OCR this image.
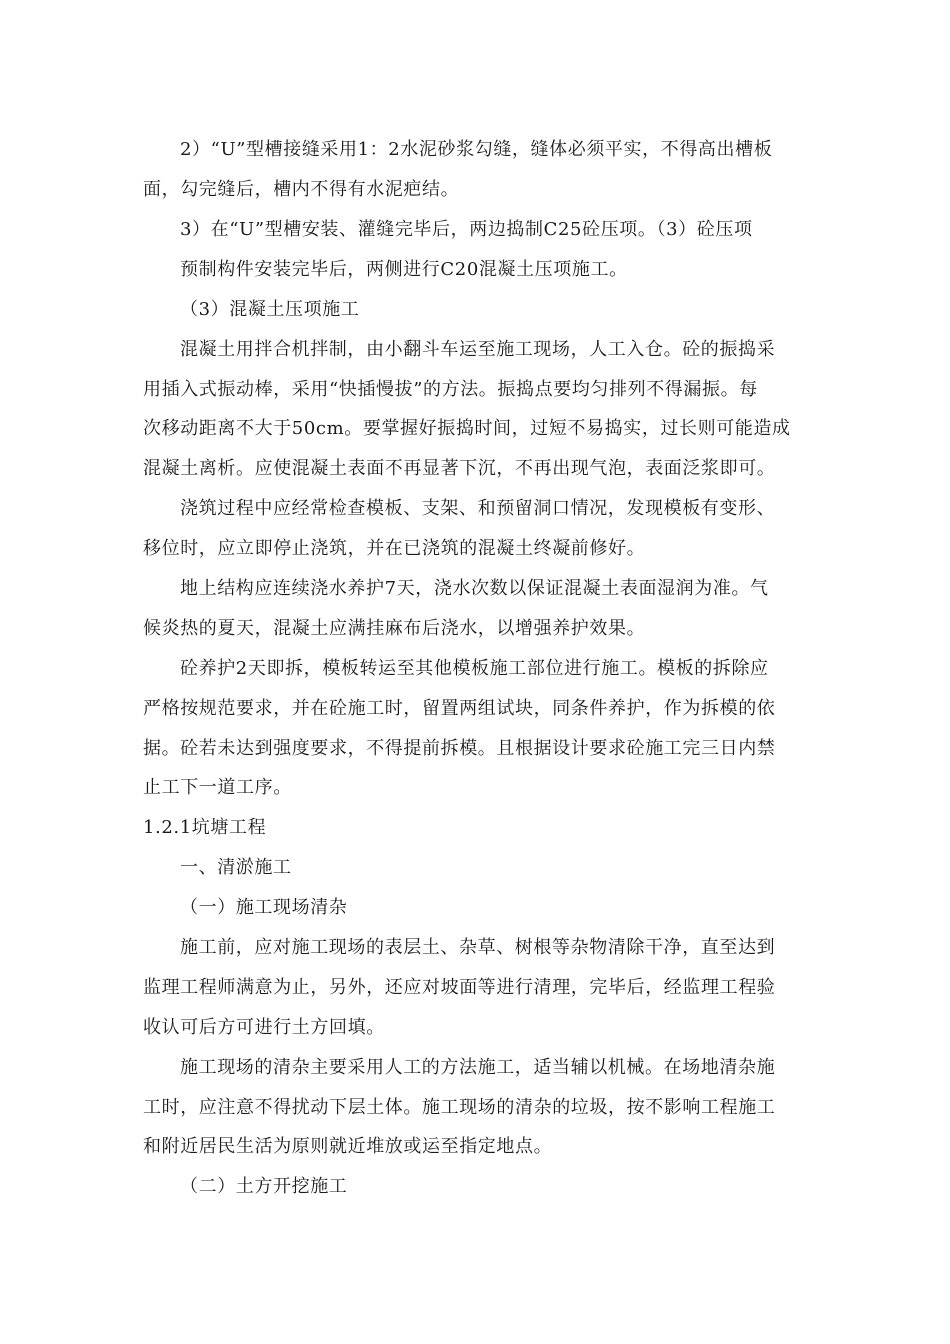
2）“U”型槽接缝采用1：2水泥砂浆勾缝，缝体必须平实，不得高出槽板
面，勾完缝后，槽内不得有水泥疤结。
3）在“U”型槽安装、灌缝完毕后，两边捣制C25砼压项。（3）砼压项
预制构件安装完毕后，两侧进行C20混凝土压项施工。
（3）混凝土压项施工
混凝土用拌合机拌制，由小翻斗车运至施工现场，人工入仓。砼的振捣采
用插入式振动棒，采用“快插慢拔”的方法。振捣点要均匀排列不得漏振。每
次移动距离不大于50cm。要掌握好振捣时间，过短不易捣实，过长则可能造成
混凝土离析。应使混凝土表面不再显著下沉，不再出现气泡，表面泛浆即可。
浇筑过程中应经常检查模板、支架、和预留洞口情况，发现模板有变形、
移位时，应立即停止浇筑，并在已浇筑的混凝土终凝前修好。
地上结构应连续浇水养护7天，浇水次数以保证混凝土表面湿润为准。气
候炎热的夏天，混凝土应满挂麻布后浇水，以增强养护效果。
砼养护2天即拆，模板转运至其他模板施工部位进行施工。模板的拆除应
严格按规范要求，并在砼施工时，留置两组试块，同条件养护，作为拆模的依
据。砼若未达到强度要求，不得提前拆模。且根据设计要求砼施工完三日内禁
止工下一道工序。
1.2.1坑塘工程
一、清淤施工
（一）施工现场清杂
施工前，应对施工现场的表层土、杂草、树根等杂物清除干净，直至达到
监理工程师满意为止，另外，还应对坡面等进行清理，完毕后，经监理工程验
收认可后方可进行土方回填。
施工现场的清杂主要采用人工的方法施工，适当辅以机械。在场地清杂施
工时，应注意不得扰动下层土体。施工现场的清杂的垃圾，按不影响工程施工
和附近居民生活为原则就近堆放或运至指定地点。
（二）土方开挖施工
